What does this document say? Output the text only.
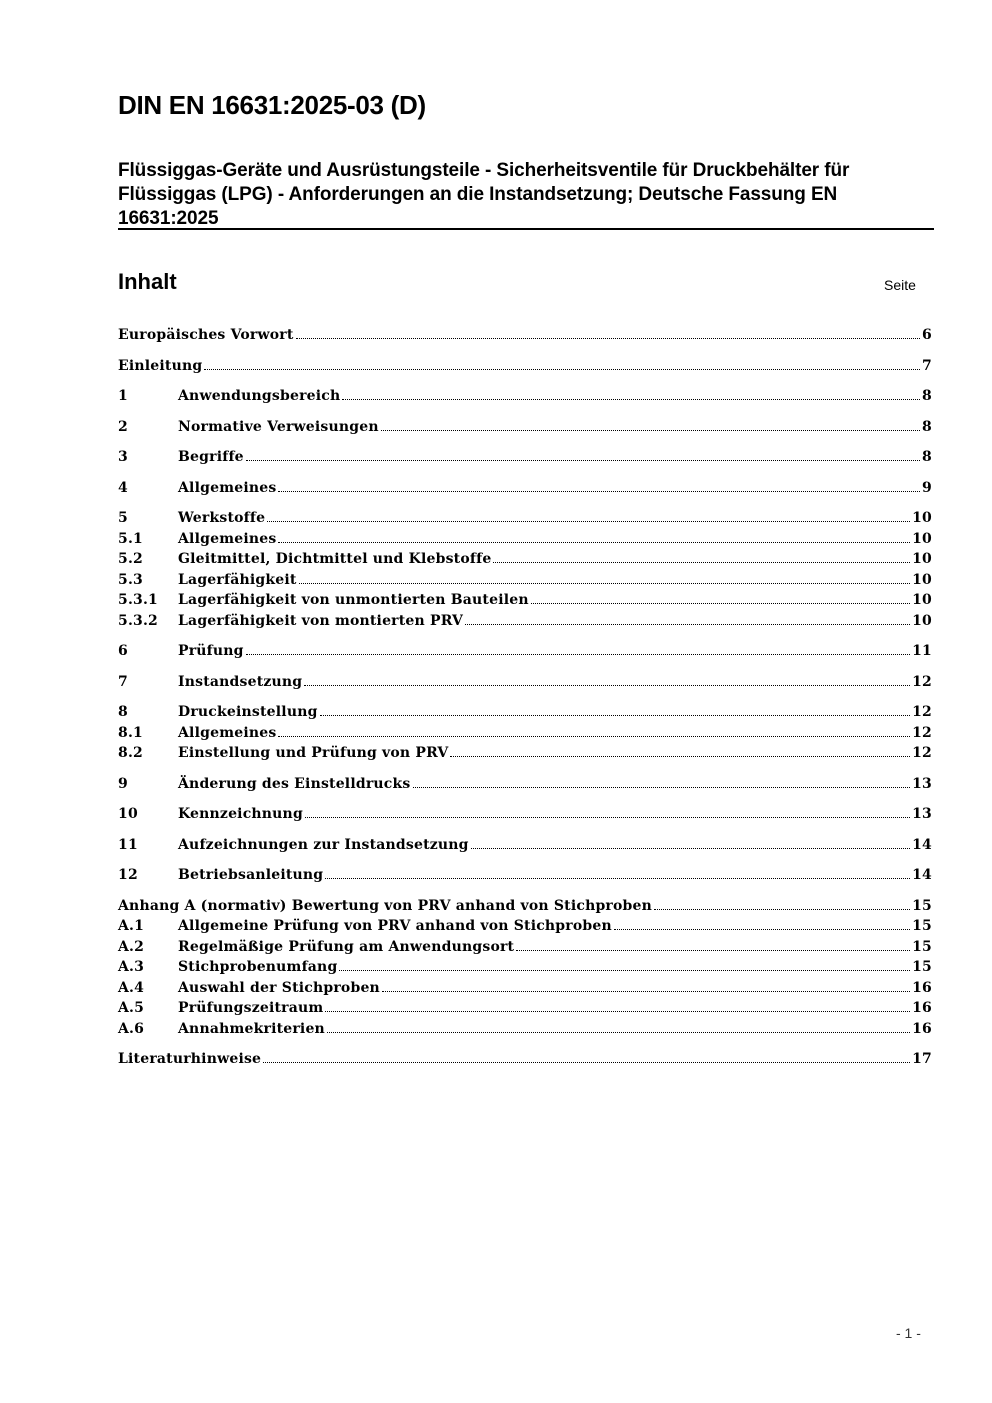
DIN EN 16631:2025-03 (D)
Flüssiggas-Geräte und Ausrüstungsteile - Sicherheitsventile für Druckbehälter für Flüssiggas (LPG) - Anforderungen an die Instandsetzung; Deutsche Fassung EN 16631:2025
Inhalt	Seite
Europäisches Vorwort	6
Einleitung	7
1	Anwendungsbereich	8
2	Normative Verweisungen	8
3	Begriffe	8
4	Allgemeines	9
5	Werkstoffe	10
5.1	Allgemeines	10
5.2	Gleitmittel, Dichtmittel und Klebstoffe	10
5.3	Lagerfähigkeit	10
5.3.1	Lagerfähigkeit von unmontierten Bauteilen	10
5.3.2	Lagerfähigkeit von montierten PRV	10
6	Prüfung	11
7	Instandsetzung	12
8	Druckeinstellung	12
8.1	Allgemeines	12
8.2	Einstellung und Prüfung von PRV	12
9	Änderung des Einstelldrucks	13
10	Kennzeichnung	13
11	Aufzeichnungen zur Instandsetzung	14
12	Betriebsanleitung	14
Anhang A (normativ) Bewertung von PRV anhand von Stichproben	15
A.1	Allgemeine Prüfung von PRV anhand von Stichproben	15
A.2	Regelmäßige Prüfung am Anwendungsort	15
A.3	Stichprobenumfang	15
A.4	Auswahl der Stichproben	16
A.5	Prüfungszeitraum	16
A.6	Annahmekriterien	16
Literaturhinweise	17
- 1 -
